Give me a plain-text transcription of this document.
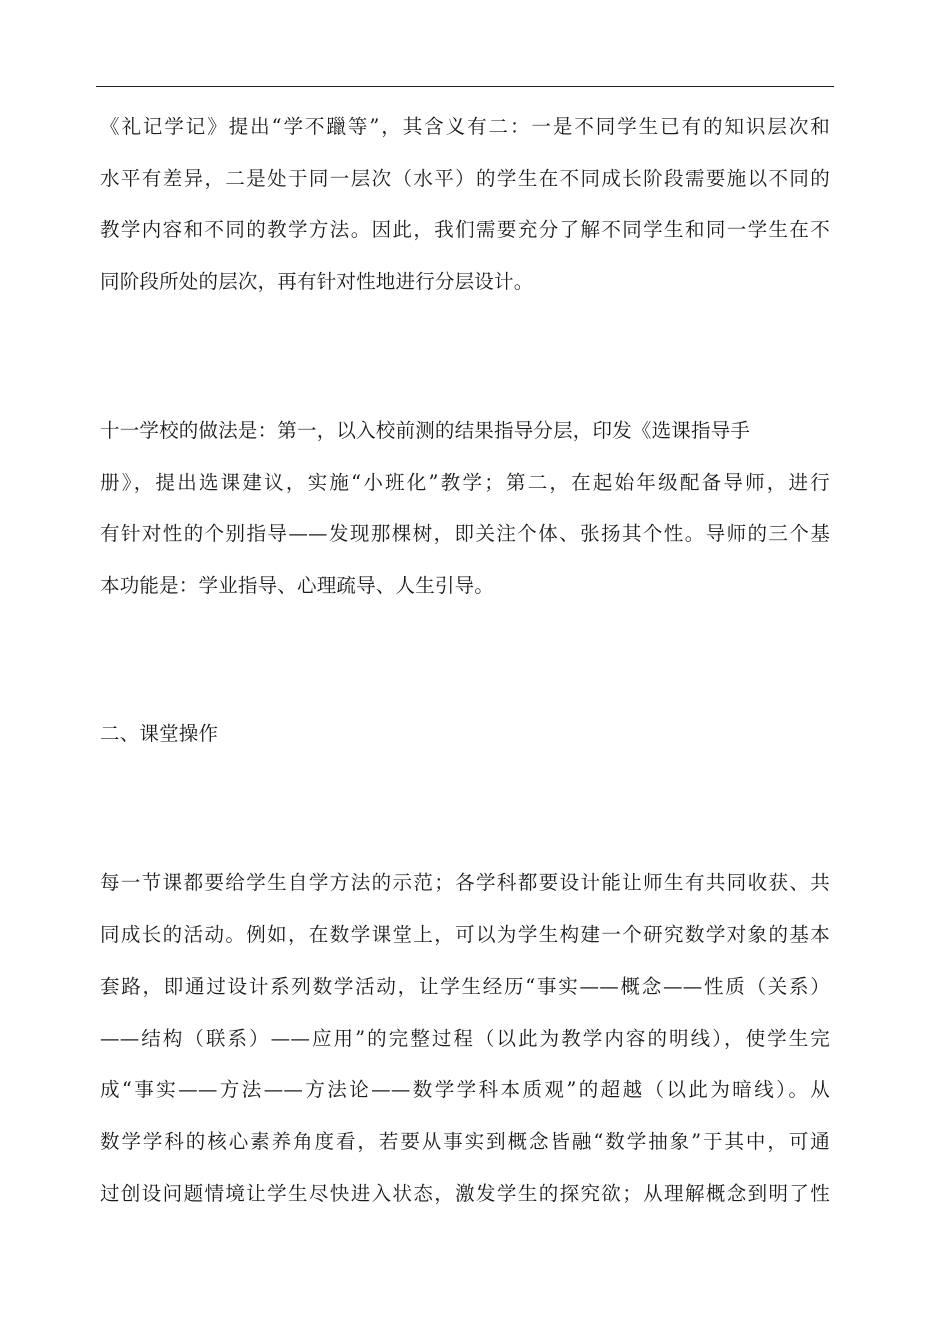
《礼记学记》提出“学不躐等”，其含义有二：一是不同学生已有的知识层次和
水平有差异，二是处于同一层次（水平）的学生在不同成长阶段需要施以不同的
教学内容和不同的教学方法。因此，我们需要充分了解不同学生和同一学生在不
同阶段所处的层次，再有针对性地进行分层设计。
十一学校的做法是：第一，以入校前测的结果指导分层，印发《选课指导手
册》，提出选课建议，实施“小班化”教学；第二，在起始年级配备导师，进行
有针对性的个别指导——发现那棵树，即关注个体、张扬其个性。导师的三个基
本功能是：学业指导、心理疏导、人生引导。
二、课堂操作
每一节课都要给学生自学方法的示范；各学科都要设计能让师生有共同收获、共
同成长的活动。例如，在数学课堂上，可以为学生构建一个研究数学对象的基本
套路，即通过设计系列数学活动，让学生经历“事实——概念——性质（关系）
——结构（联系）——应用”的完整过程（以此为教学内容的明线），使学生完
成“事实——方法——方法论——数学学科本质观”的超越（以此为暗线）。从
数学学科的核心素养角度看，若要从事实到概念皆融“数学抽象”于其中，可通
过创设问题情境让学生尽快进入状态，激发学生的探究欲；从理解概念到明了性
